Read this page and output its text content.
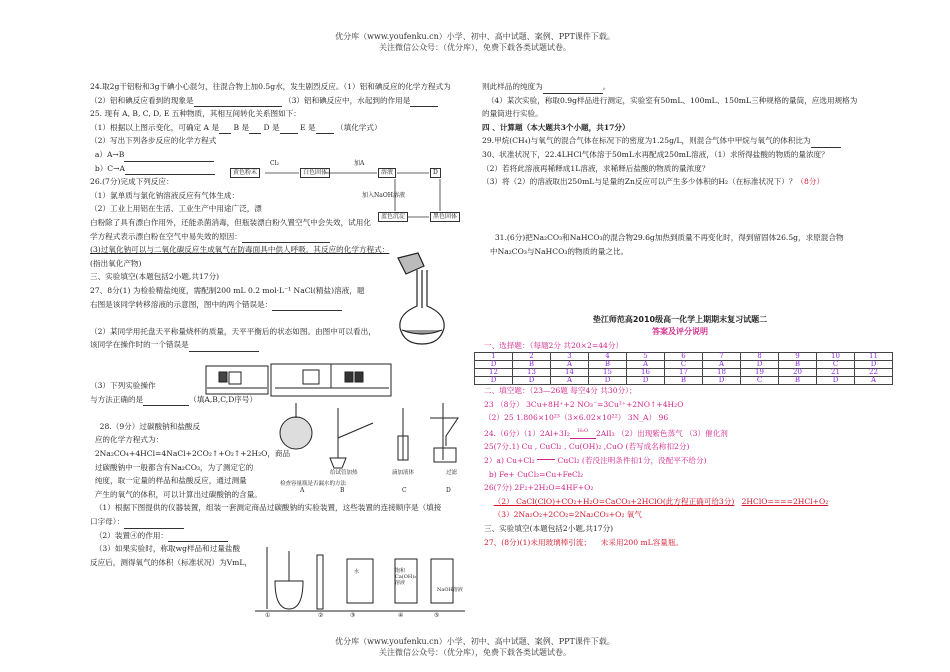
优分库（www.youfenku.cn）小学、初中、高中试题、案例、PPT课件下载。
关注微信公众号：（优分库），免费下载各类试题试卷。

24.取2g干铝粉和3g干碘小心混匀，往混合物上加0.5g水，发生剧烈反应。（1）铝和碘反应的化学方程式为

（2）铝和碘反应看到的现象是	（3）铝和碘反应中，水起到的作用是

25. 现有 A, B, C, D, E 五种物质，其相互间转化关系图如下：

（1）根据以上图示变化，可确定 A 是 B 是 D 是	E 是	（填化学式）

（2）写出下列各步反应的化学方程式

a）A→B

b）C→A

26.(7分)完成下列反应：

（1）氯单质与氯化钠溶液反应有气体生成：

（2）工业上用铝在生活、工业生产中用途广泛，漂

白粉除了具有漂白作用外，还能杀菌消毒，但瓶装漂白粉久置空气中会失效，试用化

学方程式表示漂白粉在空气中易失效的原因：

(3)过氧化钠可以与二氧化碳反应生成氧气在防毒面具中供人呼吸，其反应的化学方程式：

(指出氧化产物)

三、实验填空(本题包括2小题,共17分)

27、8分(1) 为检验精盐纯度，需配制200 mL 0.2 mol·L⁻¹ NaCl(精盐)溶液，题

右图是该同学转移溶液的示意图，图中的两个错误是：

（2）某同学用托盘天平称量烧杯的质量，天平平衡后的状态如图。由图中可以看出，

该同学在操作时的一个错误是

（3）下列实验操作

与方法正确的是	（填A,B,C,D序号）

28.（9分）过碳酸钠和盐酸反

应的化学方程式为：

2Na₂CO₄+4HCl=4NaCl+2CO₂↑+O₂↑+2H₂O，商品

过碳酸钠中一般都含有Na₂CO₃，为了测定它的

纯度，取一定量的样品和盐酸反应，通过测量

产生的氧气的体积，可以计算出过碳酸钠的含量。

（1）根据下图提供的仪器装置，组装一套测定商品过碳酸钠的实验装置，这些装置的连接顺序是（填接

口字母）：

（2）装置④的作用：

（3）如果实验时，称取wg样品和过量盐酸

反应后，测得氧气的体积（标准状况）为VmL，

黄色粉末
Cl₂
白色固体
加A
溶液	D
加入NaOH溶液
蓝色沉淀	黑色固体
检查容量瓶是否漏水的方法
给试管加热	滴加液体	过滤
A	B	C	D
①	②	③	④	⑤
饱和Ca(OH)₂溶液
NaOH溶液
水

则此样品的纯度为	。

（4）某次实验，称取0.9g样品进行测定，实验室有50mL、100mL、150mL三种规格的量筒，应选用规格为

的量筒进行实验。

四 、计算题（本大题共3个小题，共17分）

29.甲烷(CH₄)与氧气的混合气体在标况下的密度为1.25g/L，则混合气体中甲烷与氧气的体积比为

30、状准状况下，22.4LHCl气体溶于50mL水再配成250mL溶液，（1）求所得盐酸的物质的量浓度？

（2）若将此溶液再稀释成1L溶液，求稀释后盐酸的物质的量浓度？

（3）将（2）的溶液取出250mL与足量的Zn反应可以产生多少体积的H₂（在标准状况下）？（8分）

31.(6分)把Na₂CO₃和NaHCO₃的混合物29.6g加热到质量不再变化时，得到留固体26.5g，求原混合物

中Na₂CO₃与NaHCO₃的物质的量之比。

垫江师范高2010级高一化学上期期末复习试题二
答案及评分说明
一、选择题：（每题2分 共20×2=44分）
1	2	3	4	5	6	7	8	9	10	11
D	B	A	B	A	C	A	D	B	C	D
12	13	14	15	16	17	18	19	20	21	22
D	D	A	D	D	B	D	C	B	D	A

二、填空题：（23—26题 每空4分 共30分）；

23 （8分） 3Cu+8H⁺+2 NO₃⁻=3Cu²⁺+2NO↑+4H₂O

（2）25 1.806×10²³（3×6.02×10²²） 3N_A） 96

24.（6分）（1）2Al+3I₂ H₂O 2AlI₃ （2）出现紫色蒸气 （3）催化剂

25(7分.1) Cu , CuCl₂ , Cu(OH)₂ ,CuO (若写成名称扣2分)

2）a) Cu+Cl₂	CuCl₂ (若没注明条件扣1分，没配平不给分)

b) Fe+ CuCl₂=Cu+FeCl₂

26(7分) 2F₂+2H₂O=4HF+O₂

（2） CaCl(ClO)+CO₂+H₂O=CaCO₃+2HClO(此方程正确可给3分) 2HClO====2HCl+O₂

（3）2Na₂O₂+2CO₂=2Na₂CO₃+O₂ 氧气

三、实验填空(本题包括2小题,共17分)

27、(8分)(1)未用玻璃棒引流； 未采用200 mL容量瓶。

优分库（www.youfenku.cn）小学、初中、高中试题、案例、PPT课件下载。
关注微信公众号：（优分库），免费下载各类试题试卷。
